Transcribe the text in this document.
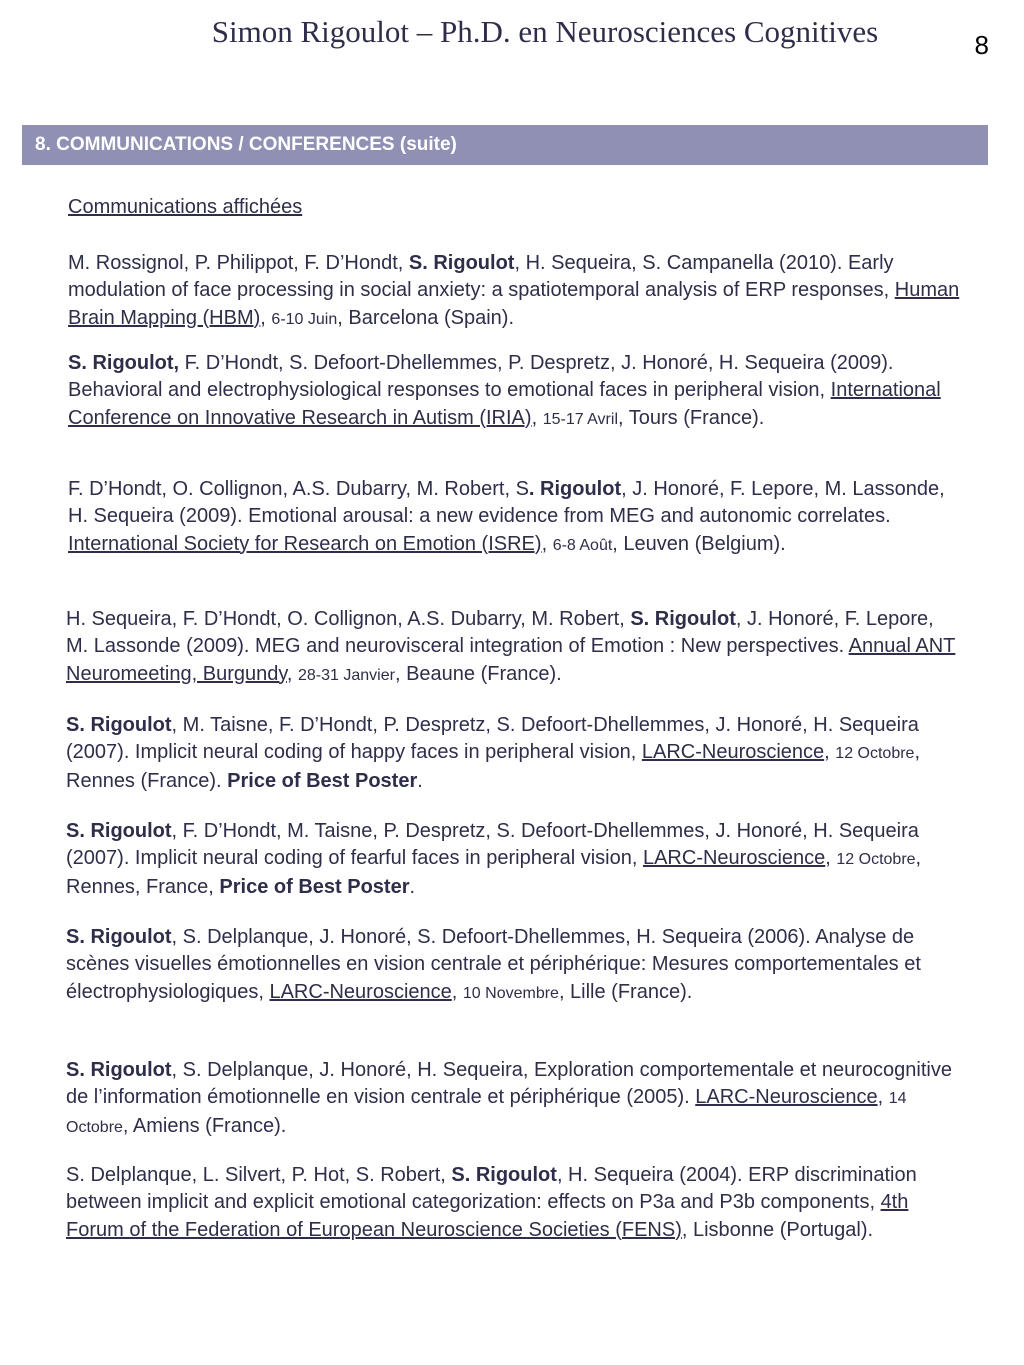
Simon Rigoulot – Ph.D. en Neurosciences Cognitives	8
8. COMMUNICATIONS / CONFERENCES (suite)
Communications affichées
M. Rossignol, P. Philippot, F. D’Hondt, S. Rigoulot, H. Sequeira, S. Campanella (2010). Early modulation of face processing in social anxiety: a spatiotemporal analysis of ERP responses, Human Brain Mapping (HBM), 6-10 Juin, Barcelona (Spain).
S. Rigoulot, F. D’Hondt, S. Defoort-Dhellemmes, P. Despretz, J. Honoré, H. Sequeira (2009). Behavioral and electrophysiological responses to emotional faces in peripheral vision, International Conference on Innovative Research in Autism (IRIA), 15-17 Avril, Tours (France).
F. D’Hondt, O. Collignon, A.S. Dubarry, M. Robert, S. Rigoulot, J. Honoré, F. Lepore, M. Lassonde, H. Sequeira (2009). Emotional arousal: a new evidence from MEG and autonomic correlates. International Society for Research on Emotion (ISRE), 6-8 Août, Leuven (Belgium).
H. Sequeira, F. D’Hondt, O. Collignon, A.S. Dubarry, M. Robert, S. Rigoulot, J. Honoré, F. Lepore, M. Lassonde (2009). MEG and neurovisceral integration of Emotion : New perspectives. Annual ANT Neuromeeting, Burgundy, 28-31 Janvier, Beaune (France).
S. Rigoulot, M. Taisne, F. D’Hondt, P. Despretz, S. Defoort-Dhellemmes, J. Honoré, H. Sequeira (2007). Implicit neural coding of happy faces in peripheral vision, LARC-Neuroscience, 12 Octobre, Rennes (France). Price of Best Poster.
S. Rigoulot, F. D’Hondt, M. Taisne, P. Despretz, S. Defoort-Dhellemmes, J. Honoré, H. Sequeira (2007). Implicit neural coding of fearful faces in peripheral vision, LARC-Neuroscience, 12 Octobre, Rennes, France, Price of Best Poster.
S. Rigoulot, S. Delplanque, J. Honoré, S. Defoort-Dhellemmes, H. Sequeira (2006). Analyse de scènes visuelles émotionnelles en vision centrale et périphérique: Mesures comportementales et électrophysiologiques, LARC-Neuroscience, 10 Novembre, Lille (France).
S. Rigoulot, S. Delplanque, J. Honoré, H. Sequeira, Exploration comportementale et neurocognitive de l’information émotionnelle en vision centrale et périphérique (2005). LARC-Neuroscience, 14 Octobre, Amiens (France).
S. Delplanque, L. Silvert, P. Hot, S. Robert, S. Rigoulot, H. Sequeira (2004). ERP discrimination between implicit and explicit emotional categorization: effects on P3a and P3b components, 4th Forum of the Federation of European Neuroscience Societies (FENS), Lisbonne (Portugal).
